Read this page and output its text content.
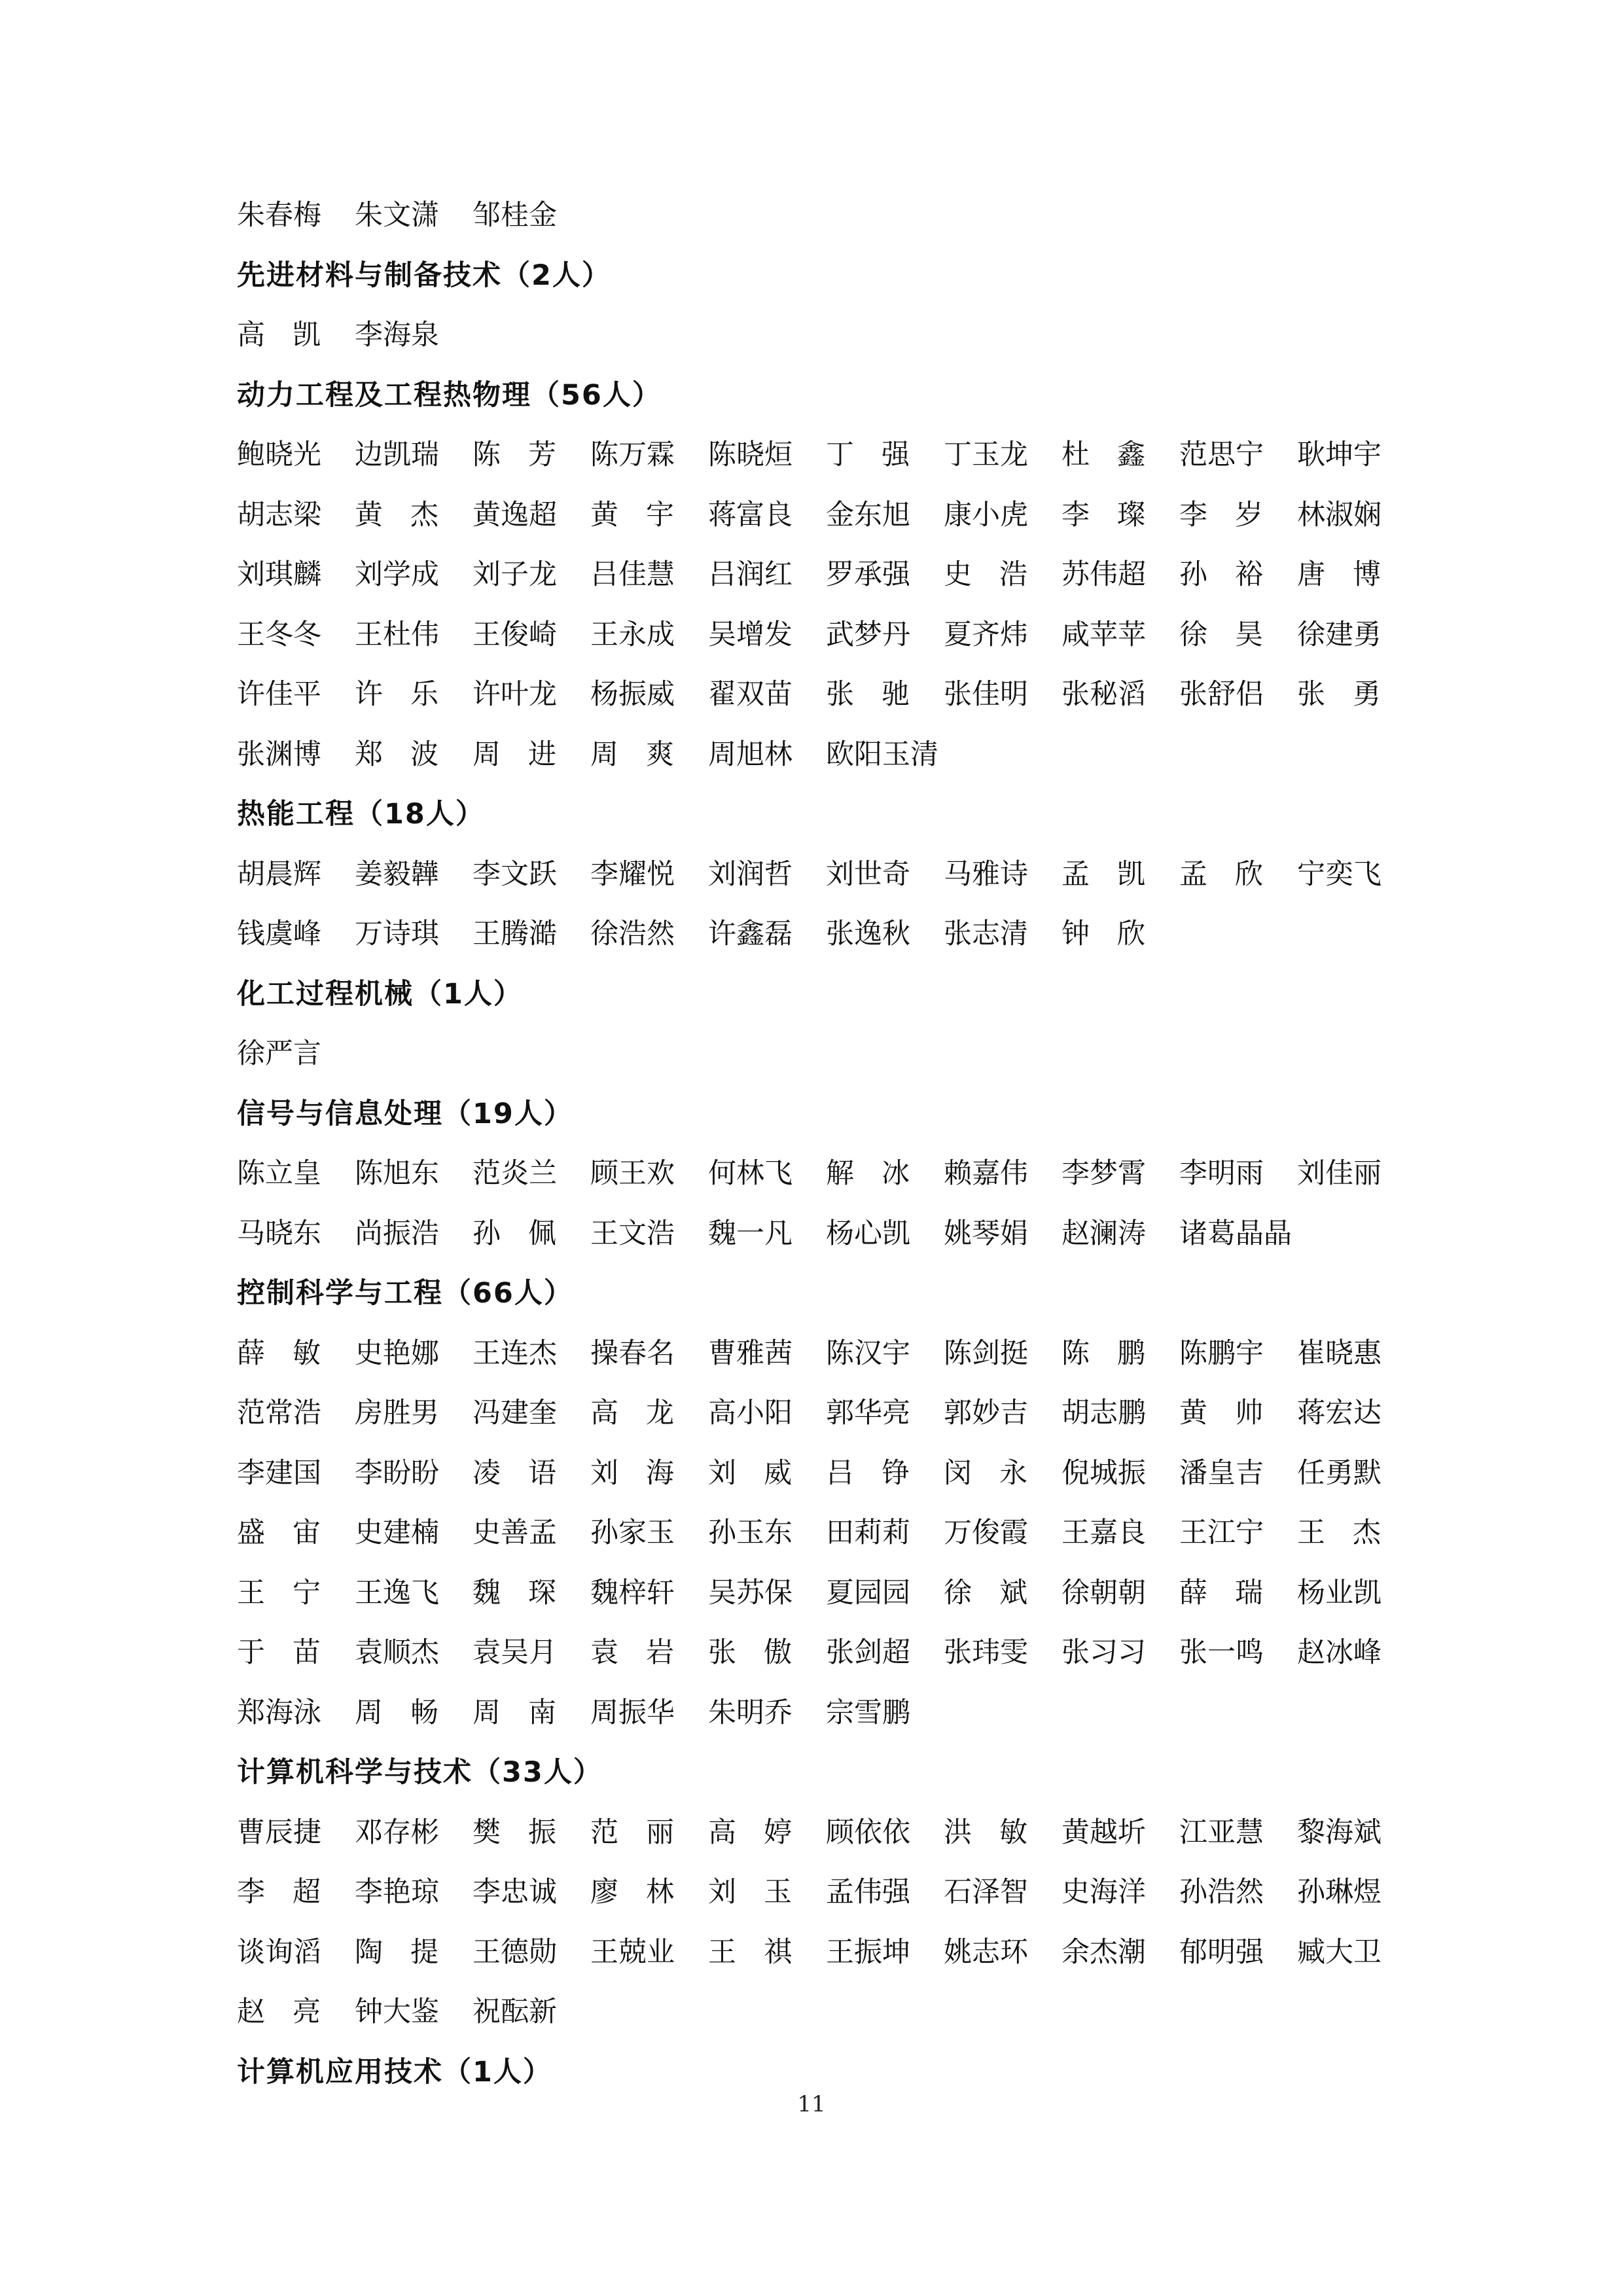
朱春梅	朱文潇	邹桂金
先进材料与制备技术（2人）
高 凯 李海泉
动力工程及工程热物理（56人）
鲍晓光	边凯瑞	陈 芳 陈万霖	陈晓烜	丁 强 丁玉龙	杜 鑫 范思宁	耿坤宇
胡志梁	黄 杰 黄逸超	黄 宇 蒋富良	金东旭	康小虎	李 璨 李 岁 林淑娴
刘琪麟	刘学成	刘子龙	吕佳慧	吕润红	罗承强	史 浩 苏伟超	孙 裕 唐 博
王冬冬	王杜伟	王俊崎	王永成	吴增发	武梦丹	夏齐炜	咸苹苹	徐 昊 徐建勇
许佳平	许 乐 许叶龙	杨振威	翟双苗	张 驰 张佳明	张秘滔	张舒侣	张 勇
张渊博	郑 波 周 进 周 爽 周旭林	欧阳玉清
热能工程（18人）
胡晨辉	姜毅韡	李文跃	李耀悦	刘润哲	刘世奇	马雅诗	孟 凯 孟 欣 宁奕飞
钱虞峰	万诗琪	王腾澔	徐浩然	许鑫磊	张逸秋	张志清	钟 欣
化工过程机械（1人）
徐严言
信号与信息处理（19人）
陈立皇	陈旭东	范炎兰	顾王欢	何林飞	解 冰 赖嘉伟	李梦霄	李明雨	刘佳丽
马晓东	尚振浩	孙 佩 王文浩	魏一凡	杨心凯	姚琴娟	赵澜涛	诸葛晶晶
控制科学与工程（66人）
薛 敏 史艳娜	王连杰	操春名	曹雅茜	陈汉宇	陈剑挺	陈 鹏 陈鹏宇	崔晓惠
范常浩	房胜男	冯建奎	高 龙 高小阳	郭华亮	郭妙吉	胡志鹏	黄 帅 蒋宏达
李建国	李盼盼	凌 语 刘 海 刘 威 吕 铮 闵 永 倪城振	潘皇吉	任勇默
盛 宙 史建楠	史善孟	孙家玉	孙玉东	田莉莉	万俊霞	王嘉良	王江宁	王 杰
王 宁 王逸飞	魏 琛 魏梓轩	吴苏保	夏园园	徐 斌 徐朝朝	薛 瑞 杨业凯
于 苗 袁顺杰	袁吴月	袁 岩 张 傲 张剑超	张玮雯	张习习	张一鸣	赵冰峰
郑海泳	周 畅 周 南 周振华	朱明乔	宗雪鹏
计算机科学与技术（33人）
曹辰捷	邓存彬	樊 振 范 丽 高 婷 顾依依	洪 敏 黄越圻	江亚慧	黎海斌
李 超 李艳琼	李忠诚	廖 林 刘 玉 孟伟强	石泽智	史海洋	孙浩然	孙琳煜
谈询滔	陶 提 王德勋	王兢业	王 祺 王振坤	姚志环	余杰潮	郁明强	臧大卫
赵 亮 钟大鉴	祝酝新
计算机应用技术（1人）
11
